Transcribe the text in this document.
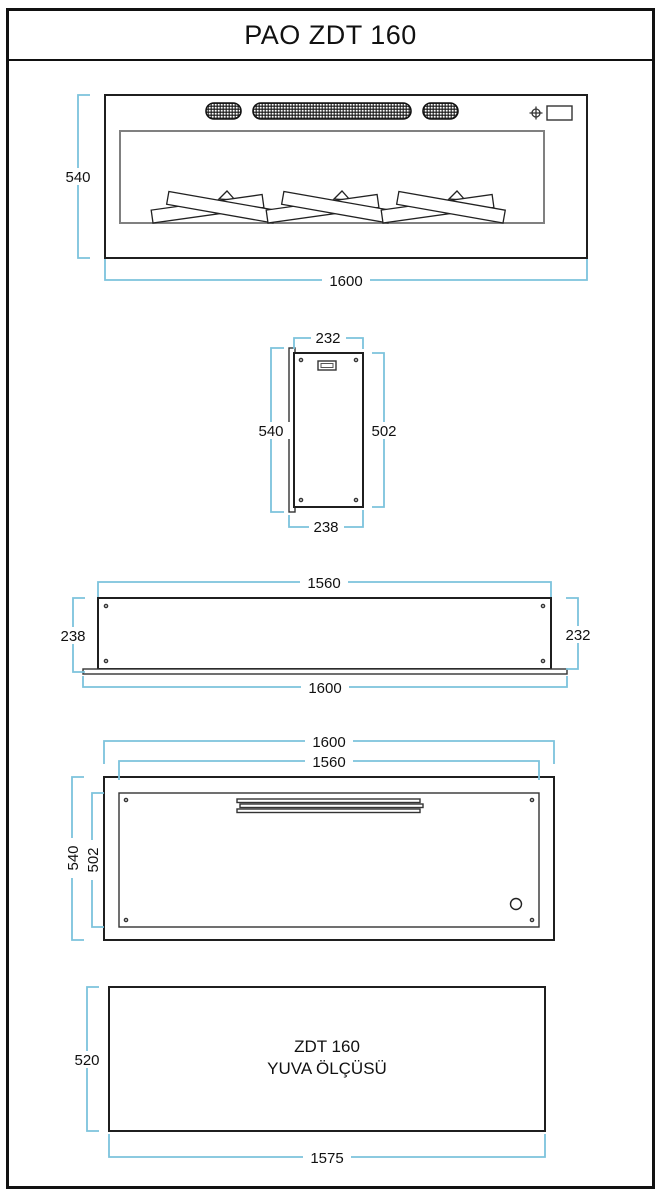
PAO ZDT 160
540
1600
232
540	502
238
1560
238	232
1600
1600
1560
540 502
ZDT 160
YUVA ÖLÇÜSÜ
520
1575
